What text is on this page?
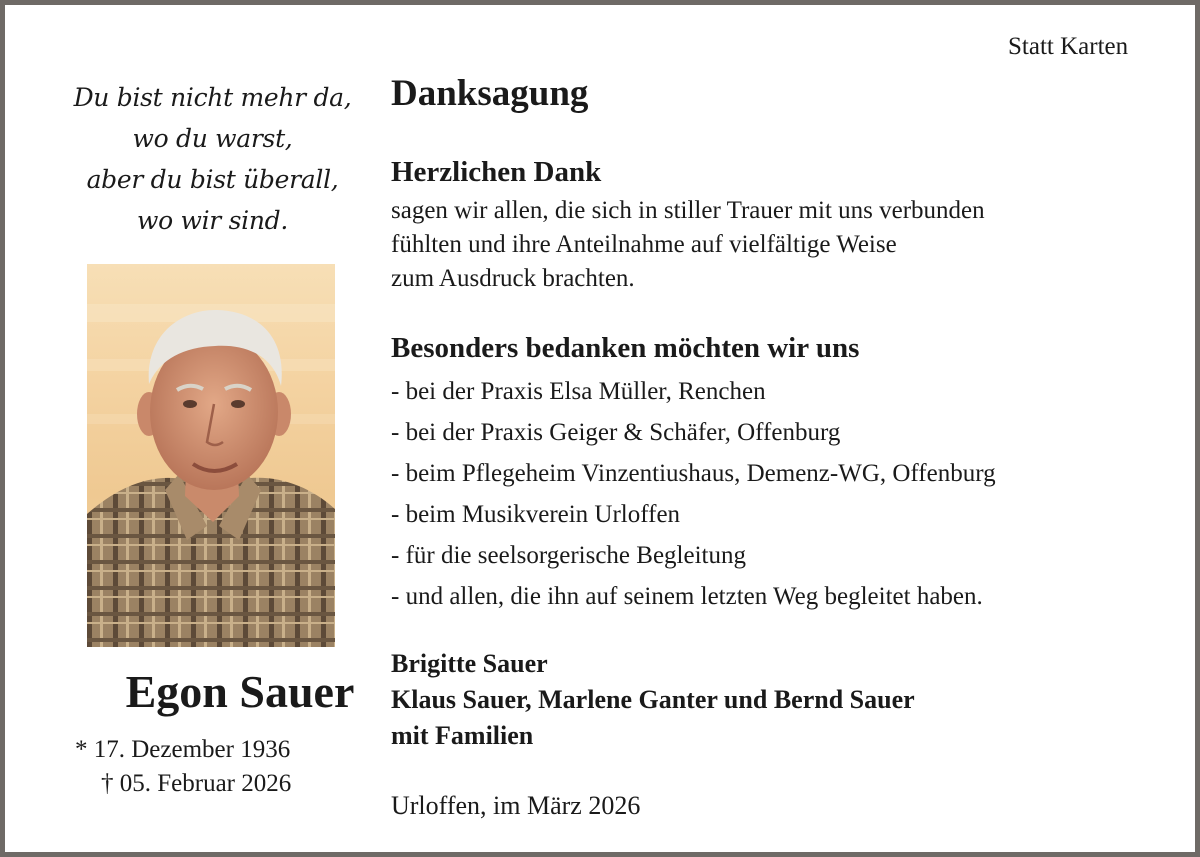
Statt Karten
Du bist nicht mehr da,
wo du warst,
aber du bist überall,
wo wir sind.
Egon Sauer
* 17. Dezember 1936
† 05. Februar 2026
Danksagung
Herzlichen Dank
sagen wir allen, die sich in stiller Trauer mit uns verbunden
fühlten und ihre Anteilnahme auf vielfältige Weise
zum Ausdruck brachten.
Besonders bedanken möchten wir uns
- bei der Praxis Elsa Müller, Renchen
- bei der Praxis Geiger & Schäfer, Offenburg
- beim Pflegeheim Vinzentiushaus, Demenz-WG, Offenburg
- beim Musikverein Urloffen
- für die seelsorgerische Begleitung
- und allen, die ihn auf seinem letzten Weg begleitet haben.
Brigitte Sauer
Klaus Sauer, Marlene Ganter und Bernd Sauer
mit Familien
Urloffen, im März 2026
